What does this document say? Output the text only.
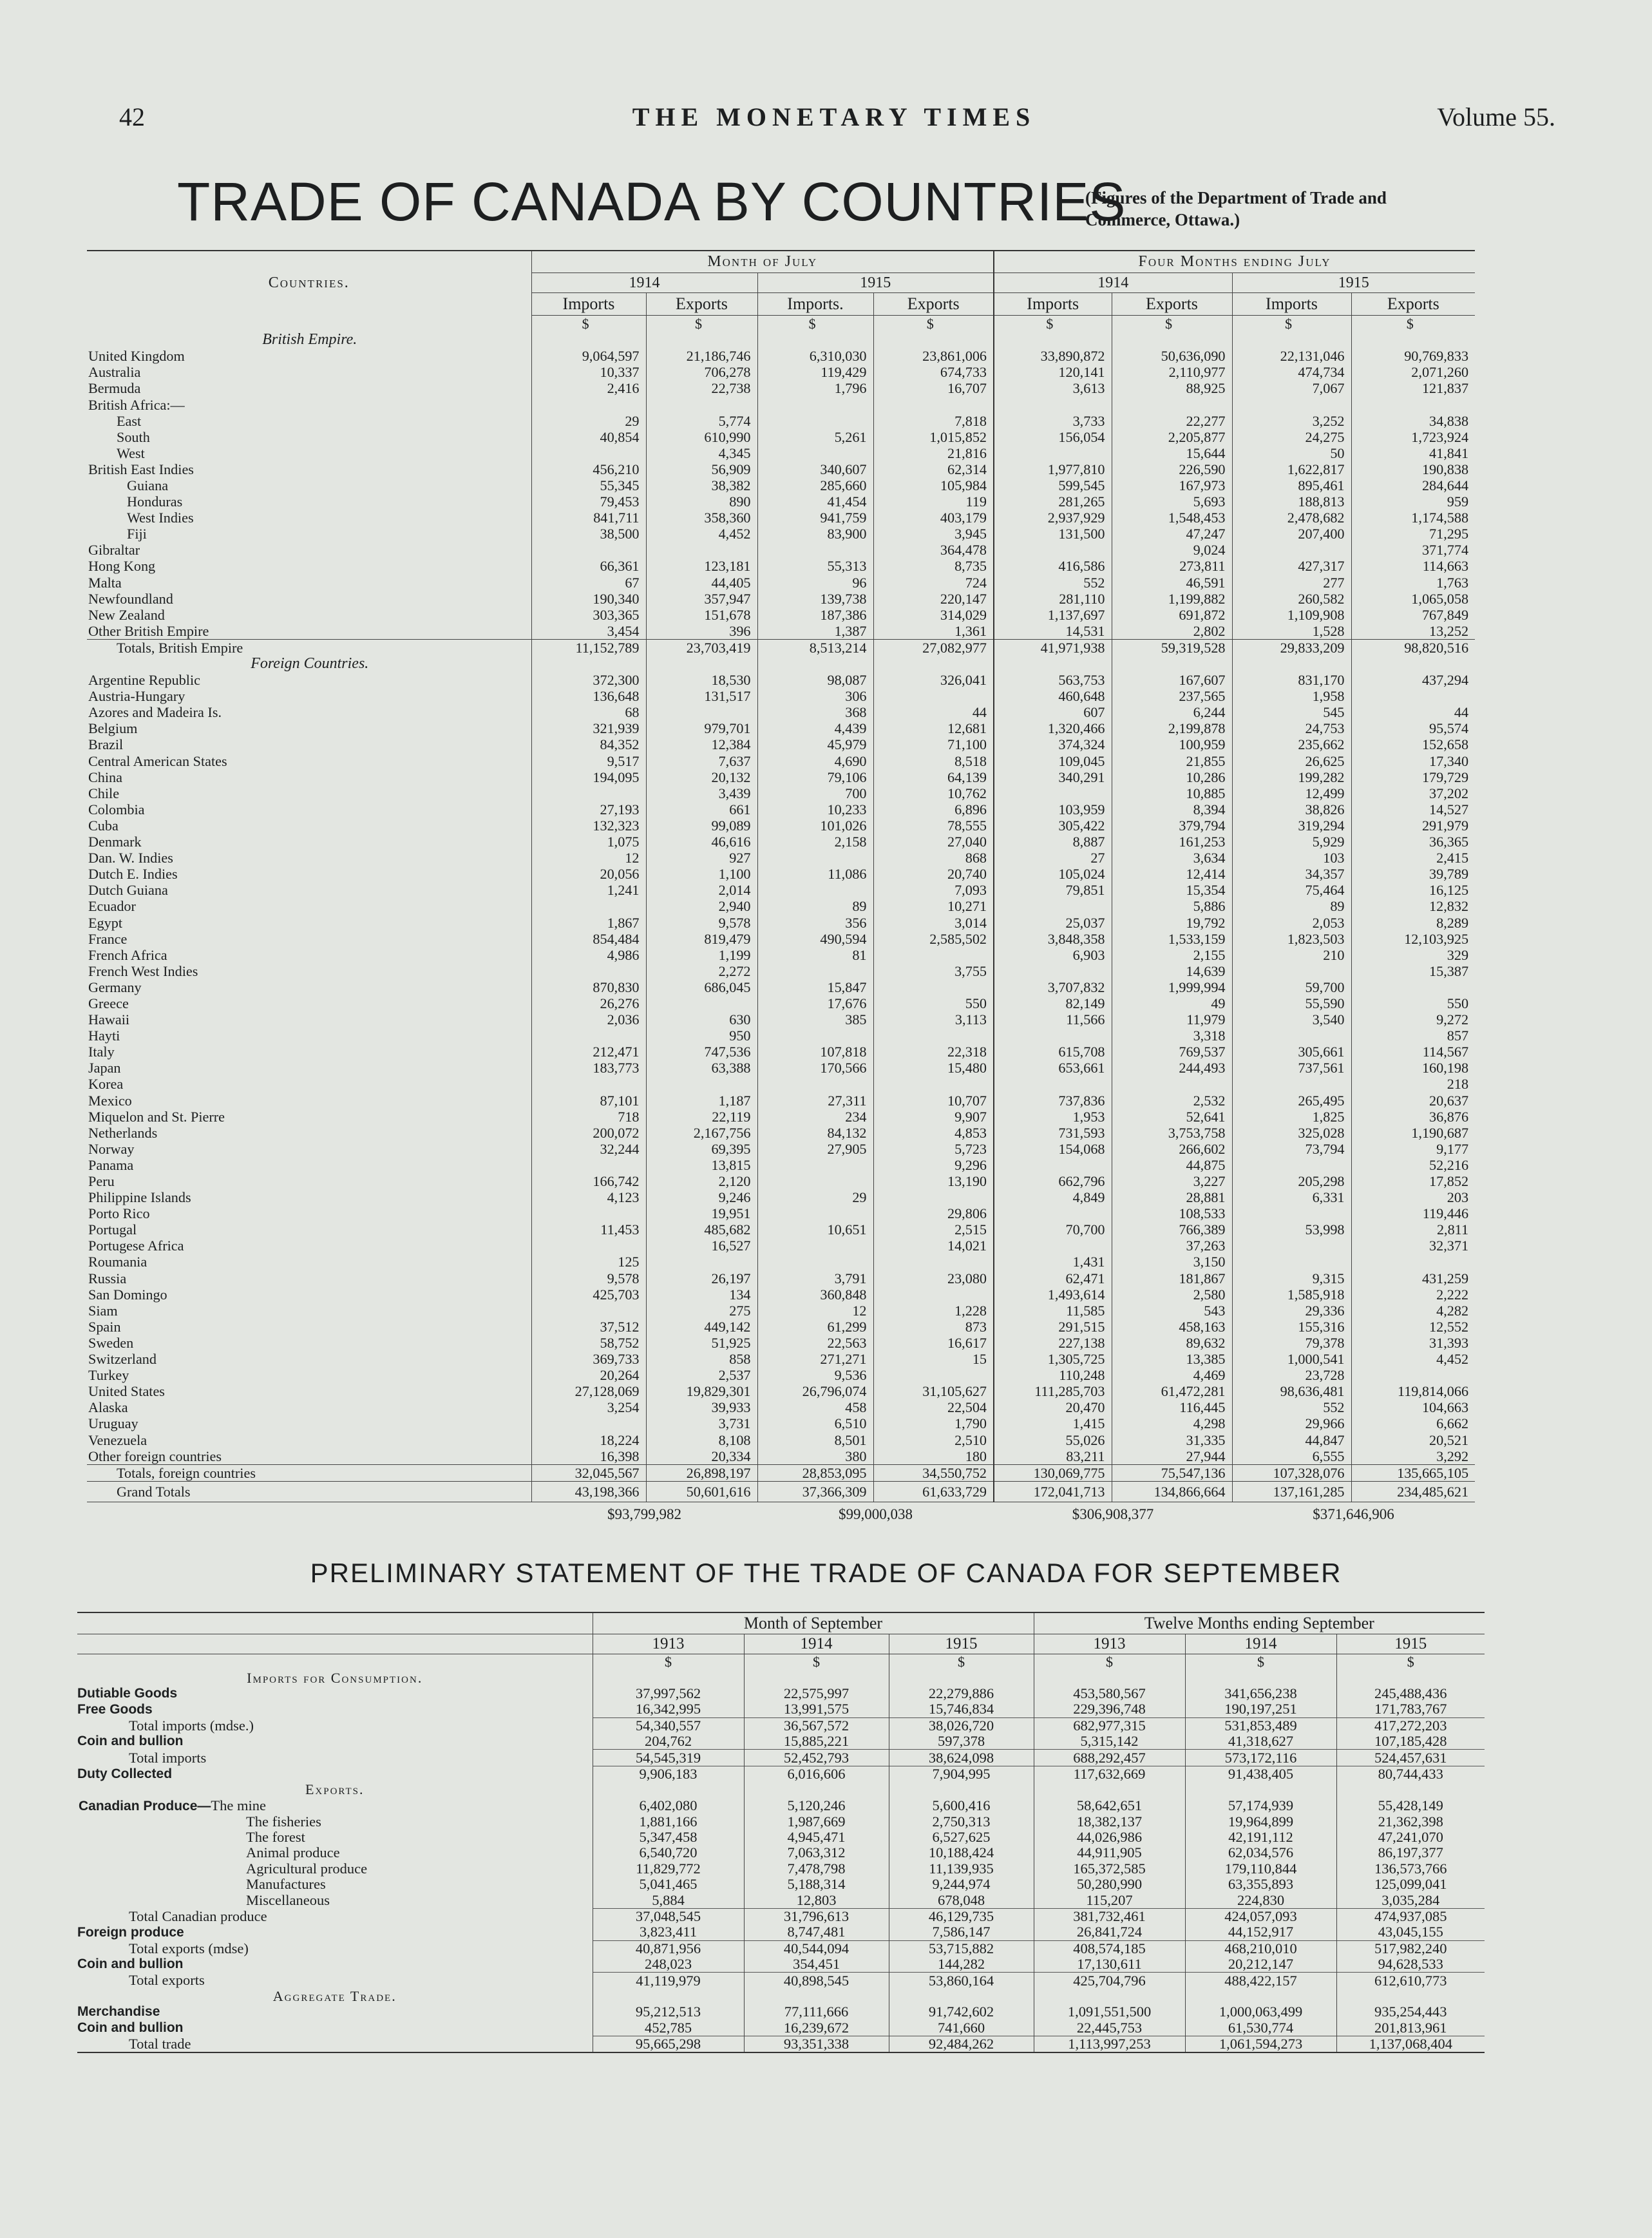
42	THE MONETARY TIMES	Volume 55.
TRADE OF CANADA BY COUNTRIES
(Figures of the Department of Trade and Commerce, Ottawa.)
Countries.	Month of July				Four Months ending July			
	1914		1915		1914		1915	
	Imports	Exports	Imports.	Exports	Imports	Exports	Imports	Exports
	$	$	$	$	$	$	$	$
British Empire.								
United Kingdom	9,064,597	21,186,746	6,310,030	23,861,006	33,890,872	50,636,090	22,131,046	90,769,833
Australia	10,337	706,278	119,429	674,733	120,141	2,110,977	474,734	2,071,260
Bermuda	2,416	22,738	1,796	16,707	3,613	88,925	7,067	121,837
British Africa:—								
East	29	5,774		7,818	3,733	22,277	3,252	34,838
South	40,854	610,990	5,261	1,015,852	156,054	2,205,877	24,275	1,723,924
West		4,345		21,816		15,644	50	41,841
British East Indies	456,210	56,909	340,607	62,314	1,977,810	226,590	1,622,817	190,838
Guiana	55,345	38,382	285,660	105,984	599,545	167,973	895,461	284,644
Honduras	79,453	890	41,454	119	281,265	5,693	188,813	959
West Indies	841,711	358,360	941,759	403,179	2,937,929	1,548,453	2,478,682	1,174,588
Fiji	38,500	4,452	83,900	3,945	131,500	47,247	207,400	71,295
Gibraltar				364,478		9,024		371,774
Hong Kong	66,361	123,181	55,313	8,735	416,586	273,811	427,317	114,663
Malta	67	44,405	96	724	552	46,591	277	1,763
Newfoundland	190,340	357,947	139,738	220,147	281,110	1,199,882	260,582	1,065,058
New Zealand	303,365	151,678	187,386	314,029	1,137,697	691,872	1,109,908	767,849
Other British Empire	3,454	396	1,387	1,361	14,531	2,802	1,528	13,252
Totals, British Empire	11,152,789	23,703,419	8,513,214	27,082,977	41,971,938	59,319,528	29,833,209	98,820,516
Foreign Countries.								
Argentine Republic	372,300	18,530	98,087	326,041	563,753	167,607	831,170	437,294
Austria-Hungary	136,648	131,517	306		460,648	237,565	1,958	
Azores and Madeira Is.	68		368	44	607	6,244	545	44
Belgium	321,939	979,701	4,439	12,681	1,320,466	2,199,878	24,753	95,574
Brazil	84,352	12,384	45,979	71,100	374,324	100,959	235,662	152,658
Central American States	9,517	7,637	4,690	8,518	109,045	21,855	26,625	17,340
China	194,095	20,132	79,106	64,139	340,291	10,286	199,282	179,729
Chile		3,439	700	10,762		10,885	12,499	37,202
Colombia	27,193	661	10,233	6,896	103,959	8,394	38,826	14,527
Cuba	132,323	99,089	101,026	78,555	305,422	379,794	319,294	291,979
Denmark	1,075	46,616	2,158	27,040	8,887	161,253	5,929	36,365
Dan. W. Indies	12	927		868	27	3,634	103	2,415
Dutch E. Indies	20,056	1,100	11,086	20,740	105,024	12,414	34,357	39,789
Dutch Guiana	1,241	2,014		7,093	79,851	15,354	75,464	16,125
Ecuador		2,940	89	10,271		5,886	89	12,832
Egypt	1,867	9,578	356	3,014	25,037	19,792	2,053	8,289
France	854,484	819,479	490,594	2,585,502	3,848,358	1,533,159	1,823,503	12,103,925
French Africa	4,986	1,199	81		6,903	2,155	210	329
French West Indies		2,272		3,755		14,639		15,387
Germany	870,830	686,045	15,847		3,707,832	1,999,994	59,700	
Greece	26,276		17,676	550	82,149	49	55,590	550
Hawaii	2,036	630	385	3,113	11,566	11,979	3,540	9,272
Hayti		950				3,318		857
Italy	212,471	747,536	107,818	22,318	615,708	769,537	305,661	114,567
Japan	183,773	63,388	170,566	15,480	653,661	244,493	737,561	160,198
Korea								218
Mexico	87,101	1,187	27,311	10,707	737,836	2,532	265,495	20,637
Miquelon and St. Pierre	718	22,119	234	9,907	1,953	52,641	1,825	36,876
Netherlands	200,072	2,167,756	84,132	4,853	731,593	3,753,758	325,028	1,190,687
Norway	32,244	69,395	27,905	5,723	154,068	266,602	73,794	9,177
Panama		13,815		9,296		44,875		52,216
Peru	166,742	2,120		13,190	662,796	3,227	205,298	17,852
Philippine Islands	4,123	9,246	29		4,849	28,881	6,331	203
Porto Rico		19,951		29,806		108,533		119,446
Portugal	11,453	485,682	10,651	2,515	70,700	766,389	53,998	2,811
Portugese Africa		16,527		14,021		37,263		32,371
Roumania	125				1,431	3,150		
Russia	9,578	26,197	3,791	23,080	62,471	181,867	9,315	431,259
San Domingo	425,703	134	360,848		1,493,614	2,580	1,585,918	2,222
Siam		275	12	1,228	11,585	543	29,336	4,282
Spain	37,512	449,142	61,299	873	291,515	458,163	155,316	12,552
Sweden	58,752	51,925	22,563	16,617	227,138	89,632	79,378	31,393
Switzerland	369,733	858	271,271	15	1,305,725	13,385	1,000,541	4,452
Turkey	20,264	2,537	9,536		110,248	4,469	23,728	
United States	27,128,069	19,829,301	26,796,074	31,105,627	111,285,703	61,472,281	98,636,481	119,814,066
Alaska	3,254	39,933	458	22,504	20,470	116,445	552	104,663
Uruguay		3,731	6,510	1,790	1,415	4,298	29,966	6,662
Venezuela	18,224	8,108	8,501	2,510	55,026	31,335	44,847	20,521
Other foreign countries	16,398	20,334	380	180	83,211	27,944	6,555	3,292
Totals, foreign countries	32,045,567	26,898,197	28,853,095	34,550,752	130,069,775	75,547,136	107,328,076	135,665,105
Grand Totals	43,198,366	50,601,616	37,366,309	61,633,729	172,041,713	134,866,664	137,161,285	234,485,621
	$93,799,982		$99,000,038		$306,908,377		$371,646,906	
PRELIMINARY STATEMENT OF THE TRADE OF CANADA FOR SEPTEMBER
	Month of September			Twelve Months ending September		
	1913	1914	1915	1913	1914	1915
	$	$	$	$	$	$
Imports for Consumption.						
Dutiable Goods	37,997,562	22,575,997	22,279,886	453,580,567	341,656,238	245,488,436
Free Goods	16,342,995	13,991,575	15,746,834	229,396,748	190,197,251	171,783,767
Total imports (mdse.)	54,340,557	36,567,572	38,026,720	682,977,315	531,853,489	417,272,203
Coin and bullion	204,762	15,885,221	597,378	5,315,142	41,318,627	107,185,428
Total imports	54,545,319	52,452,793	38,624,098	688,292,457	573,172,116	524,457,631
Duty Collected	9,906,183	6,016,606	7,904,995	117,632,669	91,438,405	80,744,433
Exports.						
Canadian Produce—The mine	6,402,080	5,120,246	5,600,416	58,642,651	57,174,939	55,428,149
The fisheries	1,881,166	1,987,669	2,750,313	18,382,137	19,964,899	21,362,398
The forest	5,347,458	4,945,471	6,527,625	44,026,986	42,191,112	47,241,070
Animal produce	6,540,720	7,063,312	10,188,424	44,911,905	62,034,576	86,197,377
Agricultural produce	11,829,772	7,478,798	11,139,935	165,372,585	179,110,844	136,573,766
Manufactures	5,041,465	5,188,314	9,244,974	50,280,990	63,355,893	125,099,041
Miscellaneous	5,884	12,803	678,048	115,207	224,830	3,035,284
Total Canadian produce	37,048,545	31,796,613	46,129,735	381,732,461	424,057,093	474,937,085
Foreign produce	3,823,411	8,747,481	7,586,147	26,841,724	44,152,917	43,045,155
Total exports (mdse)	40,871,956	40,544,094	53,715,882	408,574,185	468,210,010	517,982,240
Coin and bullion	248,023	354,451	144,282	17,130,611	20,212,147	94,628,533
Total exports	41,119,979	40,898,545	53,860,164	425,704,796	488,422,157	612,610,773
Aggregate Trade.						
Merchandise	95,212,513	77,111,666	91,742,602	1,091,551,500	1,000,063,499	935,254,443
Coin and bullion	452,785	16,239,672	741,660	22,445,753	61,530,774	201,813,961
Total trade	95,665,298	93,351,338	92,484,262	1,113,997,253	1,061,594,273	1,137,068,404
